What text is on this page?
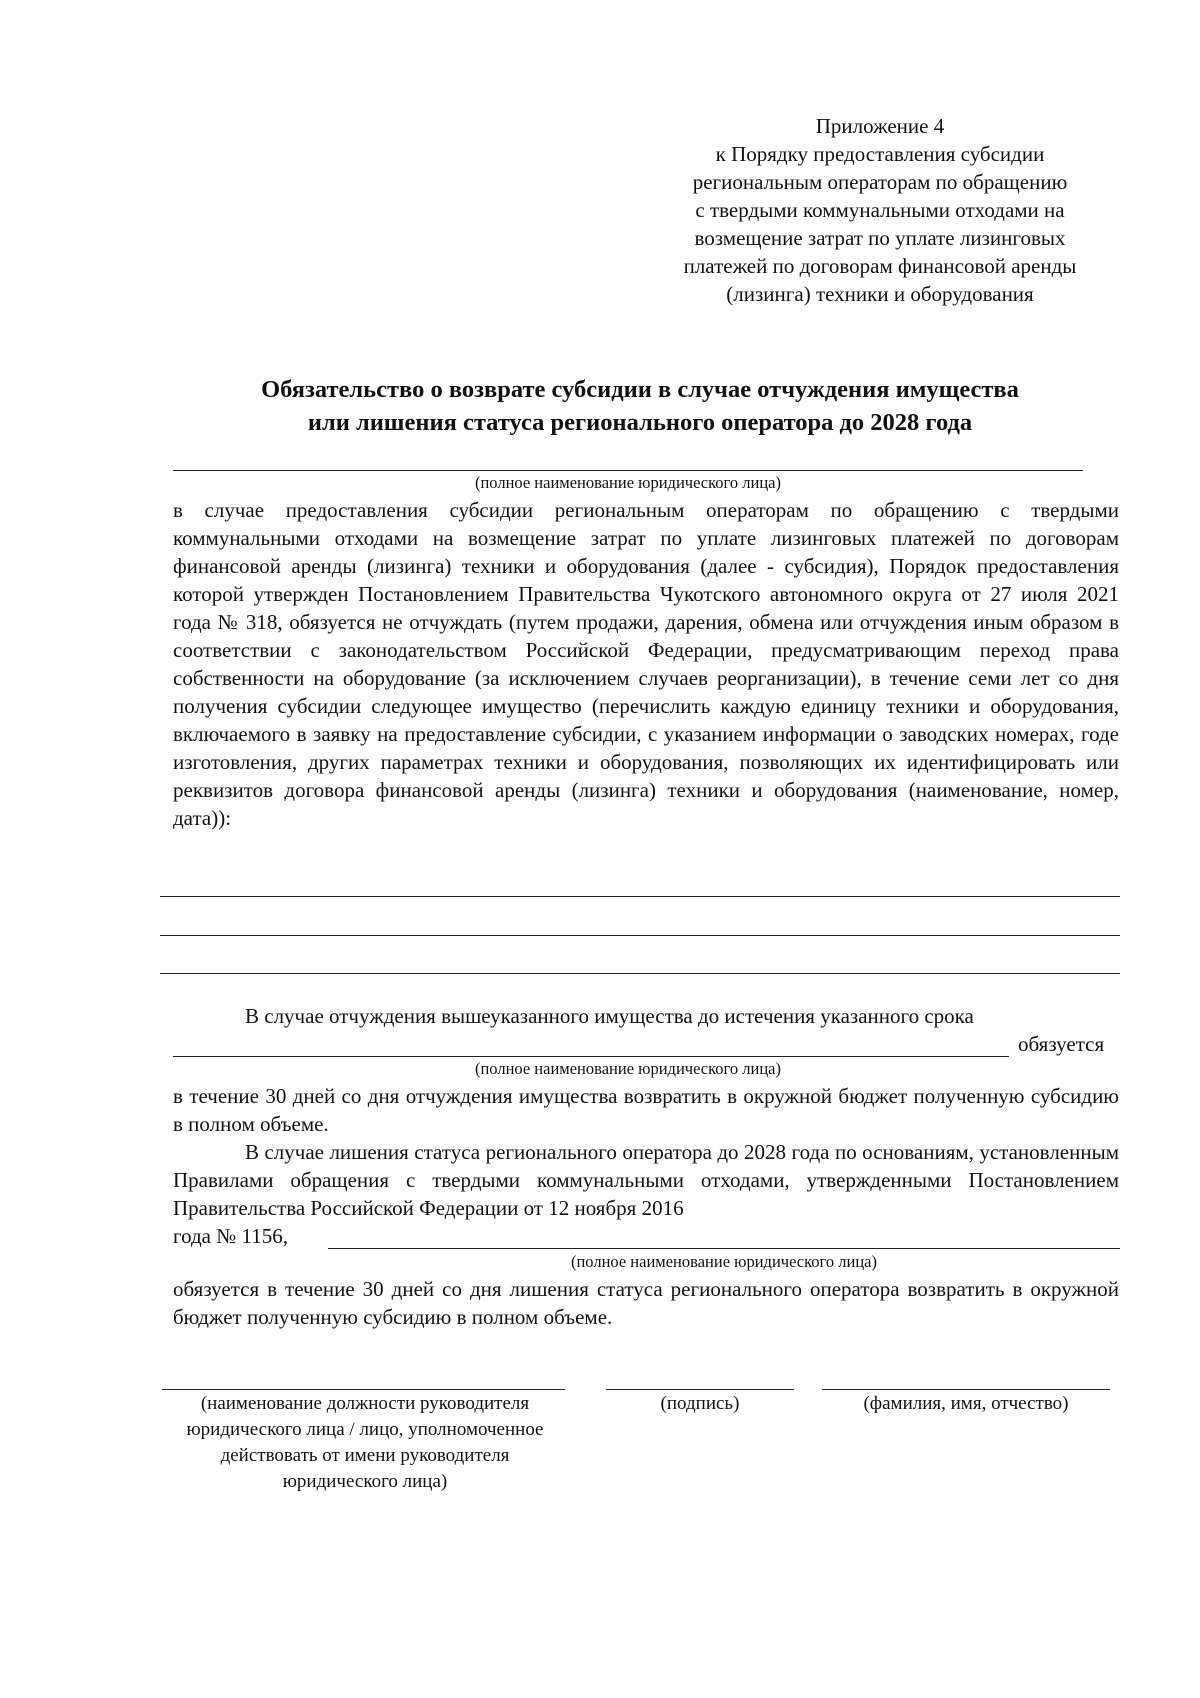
Приложение 4
к Порядку предоставления субсидии
региональным операторам по обращению
с твердыми коммунальными отходами на
возмещение затрат по уплате лизинговых
платежей по договорам финансовой аренды
(лизинга) техники и оборудования
Обязательство о возврате субсидии в случае отчуждения имущества
или лишения статуса регионального оператора до 2028 года
(полное наименование юридического лица)
в случае предоставления субсидии региональным операторам по обращению с твердыми коммунальными отходами на возмещение затрат по уплате лизинговых платежей по договорам финансовой аренды (лизинга) техники и оборудования (далее - субсидия), Порядок предоставления которой утвержден Постановлением Правительства Чукотского автономного округа от 27 июля 2021 года № 318, обязуется не отчуждать (путем продажи, дарения, обмена или отчуждения иным образом в соответствии с законодательством Российской Федерации, предусматривающим переход права собственности на оборудование (за исключением случаев реорганизации), в течение семи лет со дня получения субсидии следующее имущество (перечислить каждую единицу техники и оборудования, включаемого в заявку на предоставление субсидии, с указанием информации о заводских номерах, годе изготовления, других параметрах техники и оборудования, позволяющих их идентифицировать или реквизитов договора финансовой аренды (лизинга) техники и оборудования (наименование, номер, дата)):
В случае отчуждения вышеуказанного имущества до истечения указанного срока
обязуется
(полное наименование юридического лица)
в течение 30 дней со дня отчуждения имущества возвратить в окружной бюджет полученную субсидию в полном объеме.
В случае лишения статуса регионального оператора до 2028 года по основаниям, установленным Правилами обращения с твердыми коммунальными отходами, утвержденными Постановлением Правительства Российской Федерации от 12 ноября 2016
года № 1156,
(полное наименование юридического лица)
обязуется в течение 30 дней со дня лишения статуса регионального оператора возвратить в окружной бюджет полученную субсидию в полном объеме.
(наименование должности руководителя юридического лица / лицо, уполномоченное действовать от имени руководителя юридического лица)
(подпись)	(фамилия, имя, отчество)
